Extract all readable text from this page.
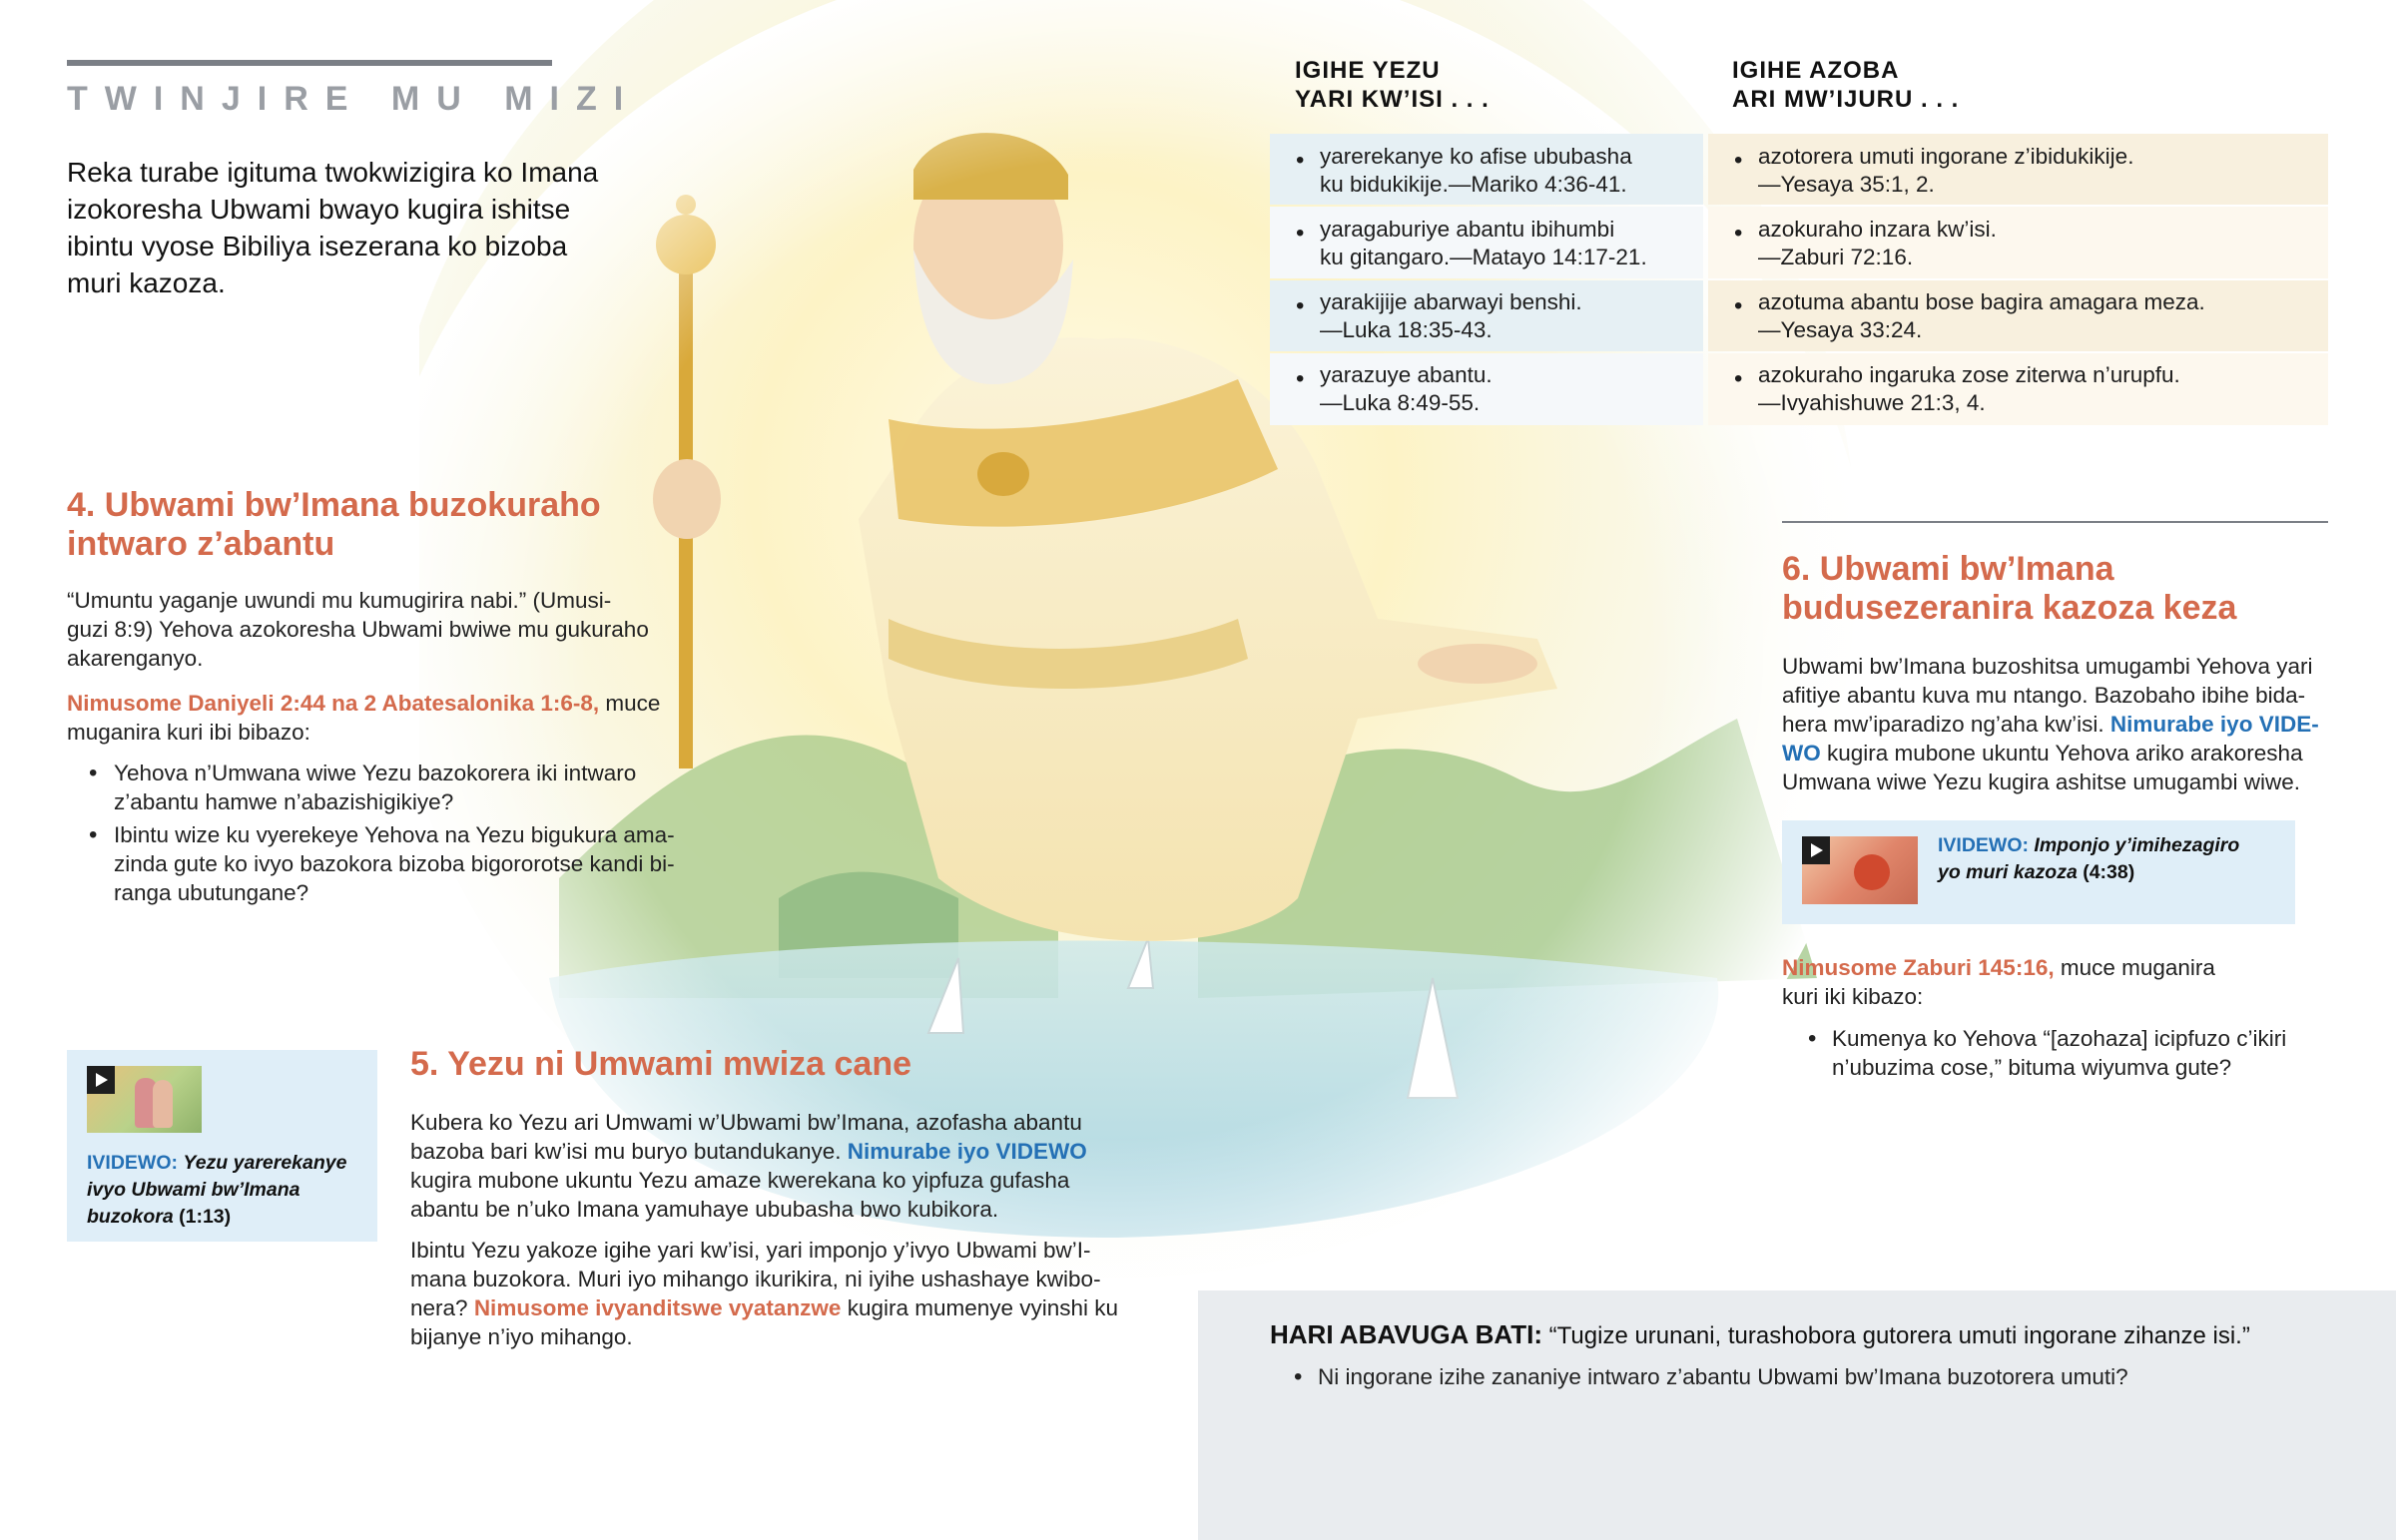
TWINJIRE MU MIZI
Reka turabe igituma twokwizigira ko Imana izokoresha Ubwami bwayo kugira ishitse ibintu vyose Bibiliya isezerana ko bizoba muri kazoza.
IGIHE YEZU
YARI KW’ISI . . .
IGIHE AZOBA
ARI MW’IJURU . . .
• yarerekanye ko afise ububasha
ku bidukikije.—Mariko 4:36-41.
• azotorera umuti ingorane z’ibidukikije.
—Yesaya 35:1, 2.
• yaragaburiye abantu ibihumbi
ku gitangaro.—Matayo 14:17-21.
• azokuraho inzara kw’isi.
—Zaburi 72:16.
• yarakijije abarwayi benshi.
—Luka 18:35-43.
• azotuma abantu bose bagira amagara meza.
—Yesaya 33:24.
• yarazuye abantu.
—Luka 8:49-55.
• azokuraho ingaruka zose ziterwa n’urupfu.
—Ivyahishuwe 21:3, 4.
4. Ubwami bw’Imana buzokuraho
intwaro z’abantu
“Umuntu yaganje uwundi mu kumugirira nabi.” (Umusi-
guzi 8:9) Yehova azokoresha Ubwami bwiwe mu gukuraho
akarenganyo.
Nimusome Daniyeli 2:44 na 2 Abatesalonika 1:6-8, muce
muganira kuri ibi bibazo:
• Yehova n’Umwana wiwe Yezu bazokorera iki intwaro
z’abantu hamwe n’abazishigikiye?
• Ibintu wize ku vyerekeye Yehova na Yezu bigukura ama-
zinda gute ko ivyo bazokora bizoba bigororotse kandi bi-
ranga ubutungane?
IVIDEWO: Yezu yarerekanye
ivyo Ubwami bw’Imana
buzokora (1:13)
5. Yezu ni Umwami mwiza cane
Kubera ko Yezu ari Umwami w’Ubwami bw’Imana, azofasha abantu
bazoba bari kw’isi mu buryo butandukanye. Nimurabe iyo VIDEWO
kugira mubone ukuntu Yezu amaze kwerekana ko yipfuza gufasha
abantu be n’uko Imana yamuhaye ububasha bwo kubikora.
Ibintu Yezu yakoze igihe yari kw’isi, yari imponjo y’ivyo Ubwami bw’I-
mana buzokora. Muri iyo mihango ikurikira, ni iyihe ushashaye kwibo-
nera? Nimusome ivyanditswe vyatanzwe kugira mumenye vyinshi ku
bijanye n’iyo mihango.
6. Ubwami bw’Imana
budusezeranira kazoza keza
Ubwami bw’Imana buzoshitsa umugambi Yehova yari
afitiye abantu kuva mu ntango. Bazobaho ibihe bida-
hera mw’iparadizo ng’aha kw’isi. Nimurabe iyo VIDE-
WO kugira mubone ukuntu Yehova ariko arakoresha
Umwana wiwe Yezu kugira ashitse umugambi wiwe.
IVIDEWO: Imponjo y’imihezagiro
yo muri kazoza (4:38)
Nimusome Zaburi 145:16, muce muganira
kuri iki kibazo:
• Kumenya ko Yehova “[azohaza] icipfuzo c’ikiri
n’ubuzima cose,” bituma wiyumva gute?
HARI ABAVUGA BATI: “Tugize urunani, turashobora gutorera umuti ingorane zihanze isi.”
• Ni ingorane izihe zananiye intwaro z’abantu Ubwami bw’Imana buzotorera umuti?
